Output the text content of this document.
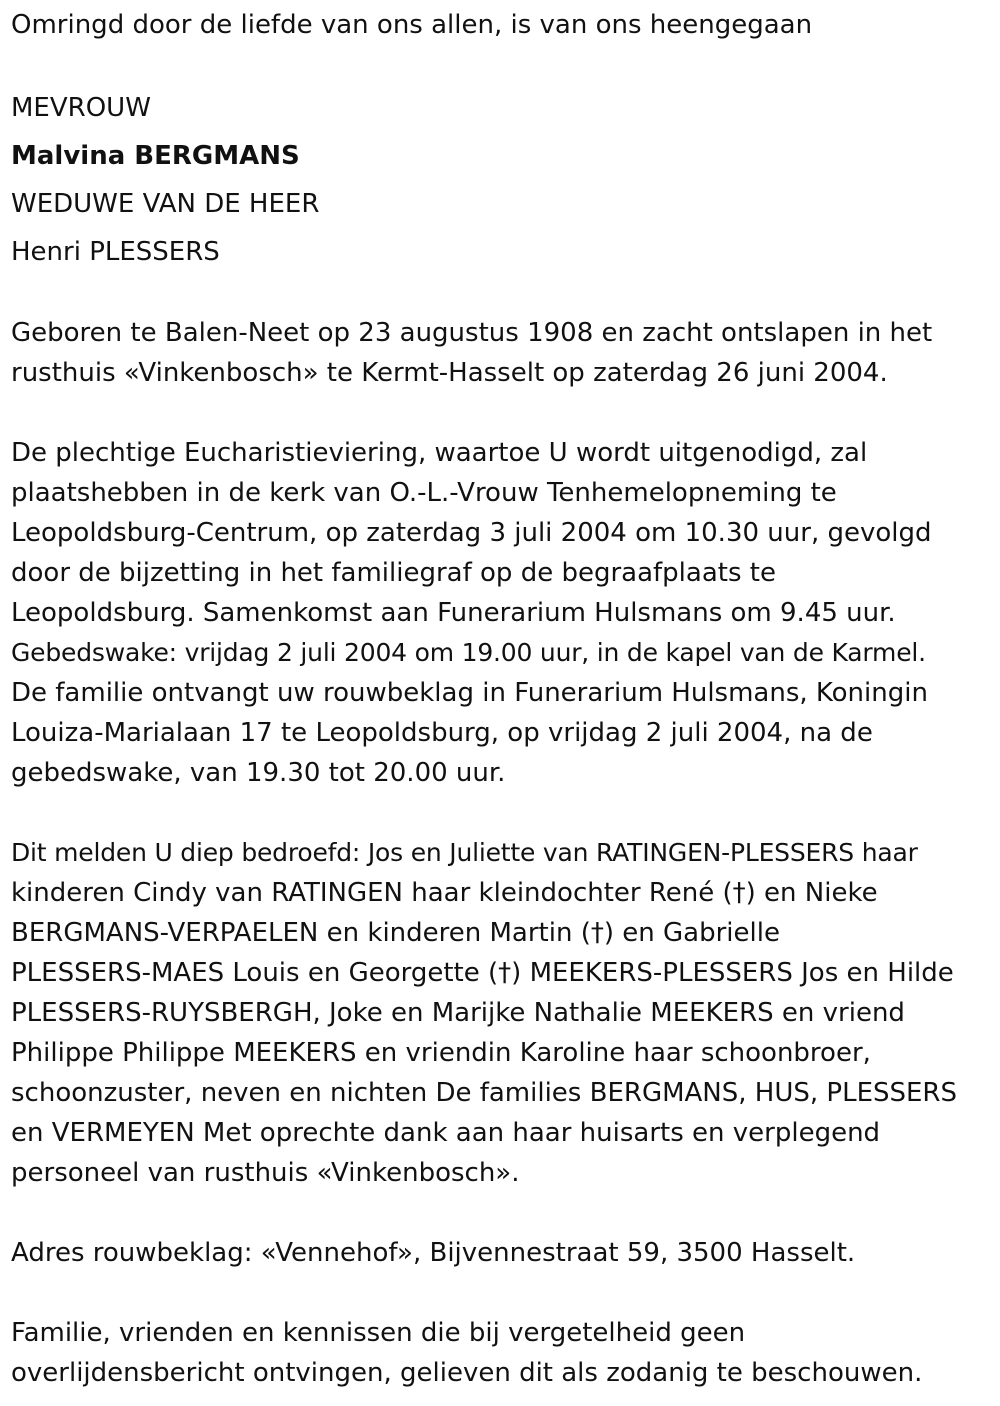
Omringd door de liefde van ons allen, is van ons heengegaan

MEVROUW

Malvina BERGMANS

WEDUWE VAN DE HEER

Henri PLESSERS

Geboren te Balen-Neet op 23 augustus 1908 en zacht ontslapen in het
rusthuis «Vinkenbosch» te Kermt-Hasselt op zaterdag 26 juni 2004.
De plechtige Eucharistieviering, waartoe U wordt uitgenodigd, zal
plaatshebben in de kerk van O.-L.-Vrouw Tenhemelopneming te
Leopoldsburg-Centrum, op zaterdag 3 juli 2004 om 10.30 uur, gevolgd
door de bijzetting in het familiegraf op de begraafplaats te
Leopoldsburg. Samenkomst aan Funerarium Hulsmans om 9.45 uur.
Gebedswake: vrijdag 2 juli 2004 om 19.00 uur, in de kapel van de Karmel.
De familie ontvangt uw rouwbeklag in Funerarium Hulsmans, Koningin
Louiza-Marialaan 17 te Leopoldsburg, op vrijdag 2 juli 2004, na de
gebedswake, van 19.30 tot 20.00 uur.
Dit melden U diep bedroefd: Jos en Juliette van RATINGEN-PLESSERS haar
kinderen Cindy van RATINGEN haar kleindochter René (†) en Nieke
BERGMANS-VERPAELEN en kinderen Martin (†) en Gabrielle
PLESSERS-MAES Louis en Georgette (†) MEEKERS-PLESSERS Jos en Hilde
PLESSERS-RUYSBERGH, Joke en Marijke Nathalie MEEKERS en vriend
Philippe Philippe MEEKERS en vriendin Karoline haar schoonbroer,
schoonzuster, neven en nichten De families BERGMANS, HUS, PLESSERS
en VERMEYEN Met oprechte dank aan haar huisarts en verplegend
personeel van rusthuis «Vinkenbosch».

Adres rouwbeklag: «Vennehof», Bijvennestraat 59, 3500 Hasselt.

Familie, vrienden en kennissen die bij vergetelheid geen
overlijdensbericht ontvingen, gelieven dit als zodanig te beschouwen.
